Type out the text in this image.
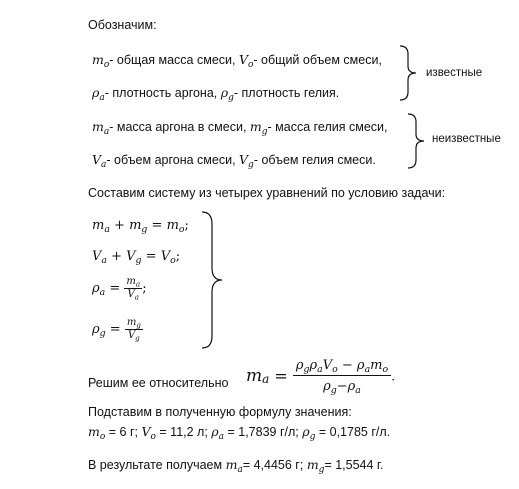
Обозначим:
$m_o-$ общая масса смеси, $V_o-$ общий объем смеси,
$\rho_a-$ плотность аргона, $\rho_g-$ плотность гелия.
известные
$m_a-$ масса аргона в смеси, $m_g-$ масса гелия смеси,
$V_a-$ объем аргона смеси, $V_g-$ объем гелия смеси.
неизвестные
Составим систему из четырех уравнений по условию задачи:
$m_a + m_g = m_o$;
$V_a + V_g = V_o$;
$\rho_a = \frac{m_a}{V_a}$ ;
$\rho_g = \frac{m_g}{V_g}$
Решим ее относительно $m_a = \frac{\rho_g\rho_aV_o - \rho_am_o}{\rho_g-\rho_a}$ .
Подставим в полученную формулу значения:
$m_o = 6$ г; $V_o = 11,2$ л; $\rho_a = 1,7839$ г/л; $\rho_g = 0,1785$ г/л.
В результате получаем $m_a= 4,4456$ г; $m_g= 1,5544$ г.
